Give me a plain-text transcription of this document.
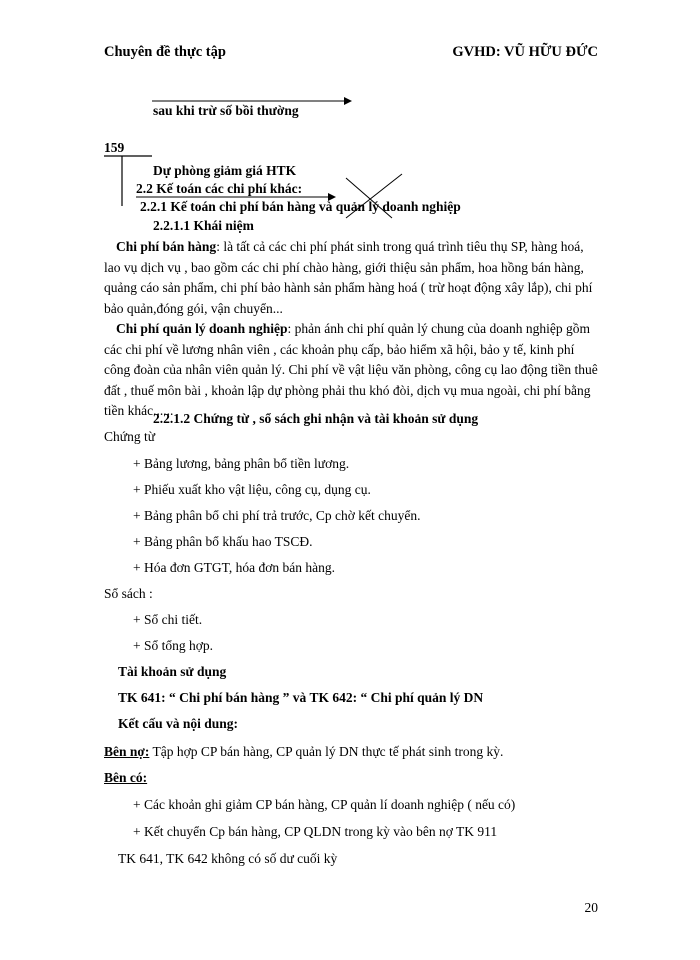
Chuyên đề thực tập	GVHD: VŨ HỮU ĐỨC
sau khi trừ số bồi thường
159
Dự phòng giảm giá HTK
2.2 Kế toán các chi phí khác:
2.2.1 Kế toán chi phí bán hàng và quản lý doanh nghiệp
2.2.1.1 Khái niệm
Chi phí bán hàng: là tất cả các chi phí phát sinh trong quá trình tiêu thụ SP, hàng hoá, lao vụ dịch vụ , bao gồm các chi phí chào hàng, giới thiệu sản phẩm, hoa hồng bán hàng, quảng cáo sản phẩm, chi phí bảo hành sản phẩm hàng hoá ( trừ hoạt động xây lắp), chi phí bảo quản,đóng gói, vận chuyển...
Chi phí quản lý doanh nghiệp: phản ánh chi phí quản lý chung của doanh nghiệp gồm các chi phí về lương nhân viên , các khoản phụ cấp, bảo hiểm xã hội, bảo y tế, kinh phí công đoàn của nhân viên quản lý. Chi phí về vật liệu văn phòng, công cụ lao động tiền thuê đất , thuế môn bài , khoản lập dự phòng phải thu khó đòi, dịch vụ mua ngoài, chi phí bằng tiền khác......
2.2.1.2 Chứng từ , sổ sách ghi nhận và tài khoản sử dụng
Chứng từ
+ Bảng lương, bảng phân bổ tiền lương.
+ Phiếu xuất kho vật liệu, công cụ, dụng cụ.
+ Bảng phân bổ chi phí trả trước, Cp chờ kết chuyển.
+ Bảng phân bổ khấu hao TSCĐ.
+ Hóa đơn GTGT, hóa đơn bán hàng.
Sổ sách :
+ Sổ chi tiết.
+ Sổ tổng hợp.
Tài khoản sử dụng
TK 641: “ Chi phí bán hàng ” và TK 642: “ Chi phí quản lý DN
Kết cấu và nội dung:
Bên nợ: Tập hợp CP bán hàng, CP quản lý DN thực tế phát sinh trong kỳ.
Bên có:
+ Các khoản ghi giảm CP bán hàng, CP quản lí doanh nghiệp ( nếu có)
+ Kết chuyển Cp bán hàng, CP QLDN trong kỳ vào bên nợ TK 911
TK 641, TK 642 không có số dư cuối kỳ
20
